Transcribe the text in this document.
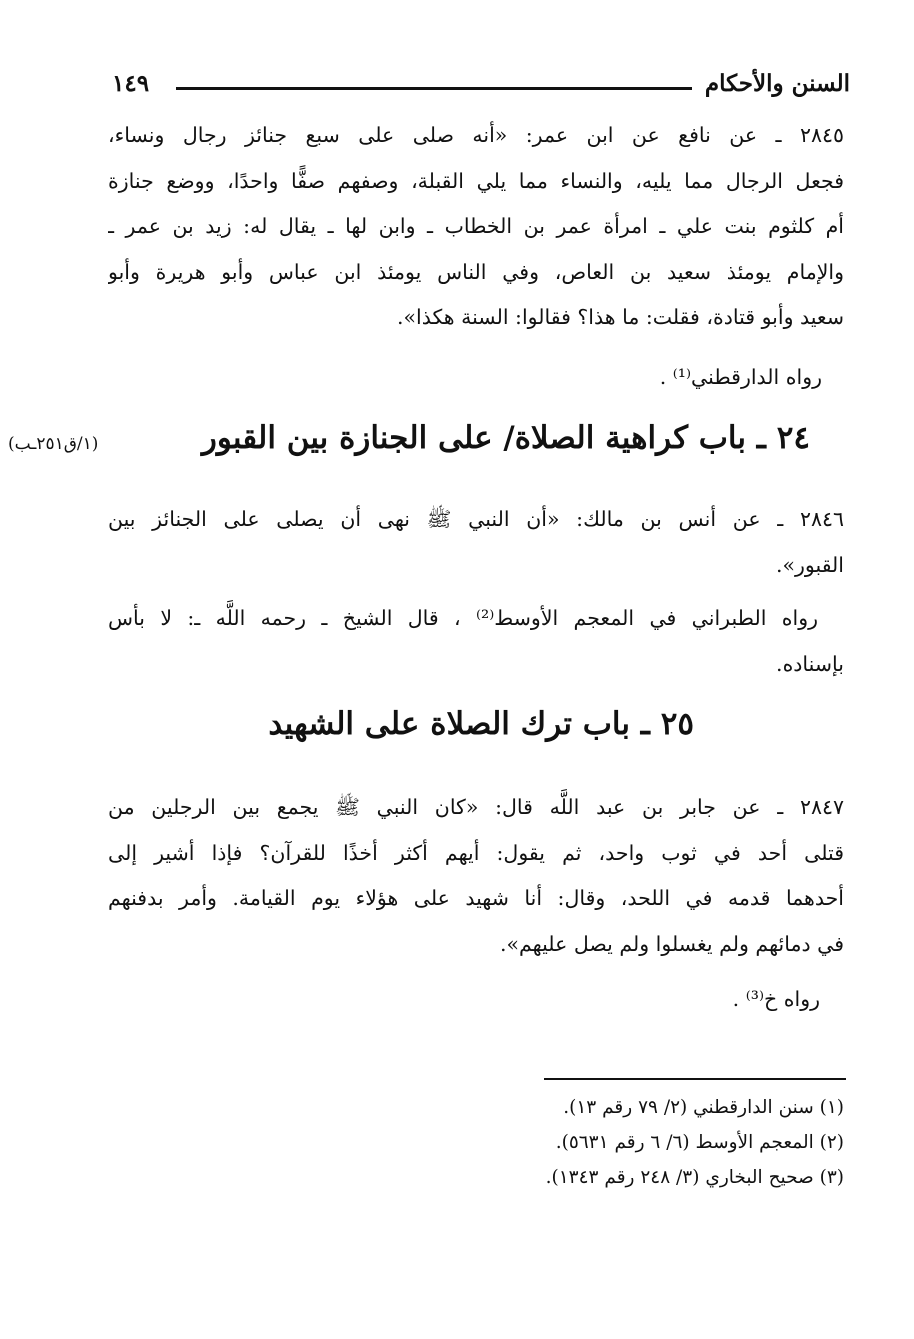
السنن والأحكام
١٤٩
٢٨٤٥ ـ عن نافع عن ابن عمر: «أنه صلى على سبع جنائز رجال ونساء،
فجعل الرجال مما يليه، والنساء مما يلي القبلة، وصفهم صفًّا واحدًا، ووضع جنازة
أم كلثوم بنت علي ـ امرأة عمر بن الخطاب ـ وابن لها ـ يقال له: زيد بن عمر ـ
والإمام يومئذ سعيد بن العاص، وفي الناس يومئذ ابن عباس وأبو هريرة وأبو
سعيد وأبو قتادة، فقلت: ما هذا؟ فقالوا: السنة هكذا».
رواه الدارقطني⁽¹⁾ .
٢٤ ـ باب كراهية الصلاة/ على الجنازة بين القبور
(١/ق٢٥١ـب)
٢٨٤٦ ـ عن أنس بن مالك: «أن النبي ﷺ نهى أن يصلى على الجنائز بين
القبور».
رواه الطبراني في المعجم الأوسط⁽²⁾ ، قال الشيخ ـ رحمه اللَّه ـ: لا بأس
بإسناده.
٢٥ ـ باب ترك الصلاة على الشهيد
٢٨٤٧ ـ عن جابر بن عبد اللَّه قال: «كان النبي ﷺ يجمع بين الرجلين من
قتلى أحد في ثوب واحد، ثم يقول: أيهم أكثر أخذًا للقرآن؟ فإذا أشير إلى
أحدهما قدمه في اللحد، وقال: أنا شهيد على هؤلاء يوم القيامة. وأمر بدفنهم
في دمائهم ولم يغسلوا ولم يصل عليهم».
رواه خ⁽³⁾ .
(١) سنن الدارقطني (٢/ ٧٩ رقم ١٣).
(٢) المعجم الأوسط (٦/ ٦ رقم ٥٦٣١).
(٣) صحيح البخاري (٣/ ٢٤٨ رقم ١٣٤٣).
